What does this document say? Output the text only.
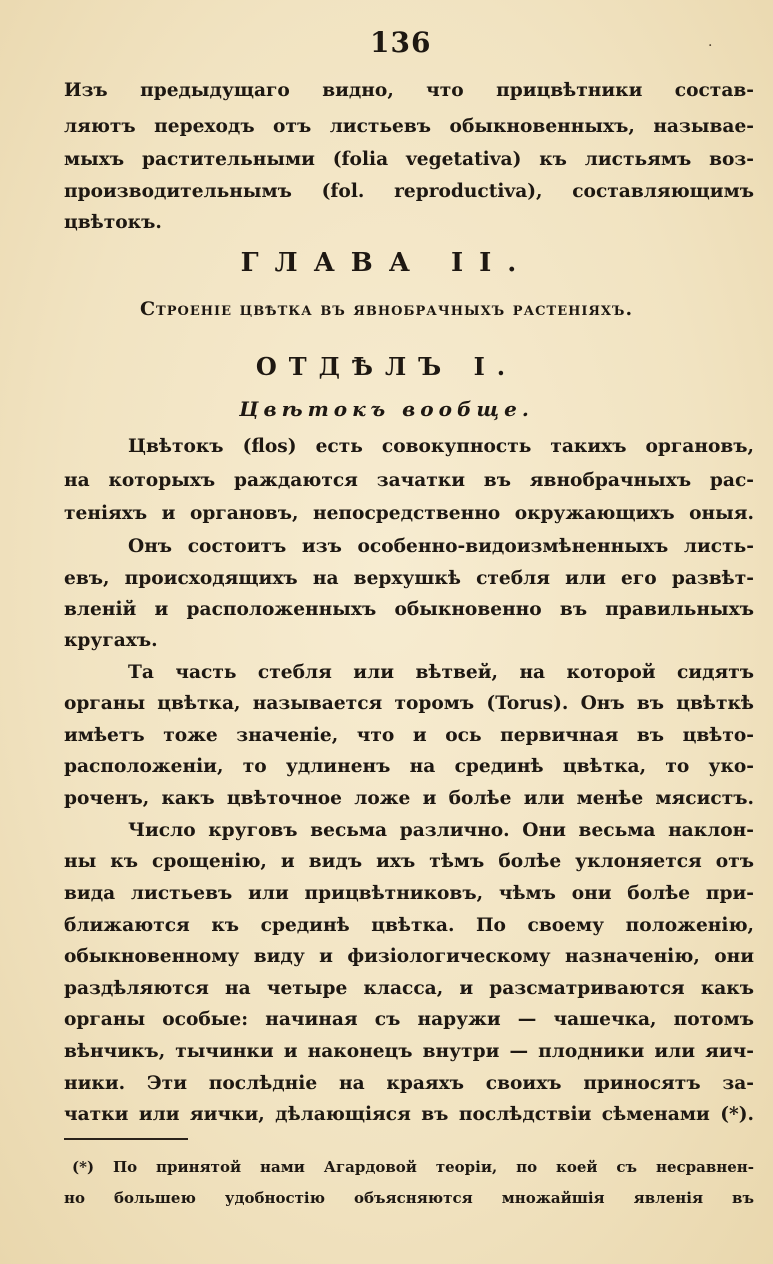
136	·
Изъ предыдущаго видно, что прицвѣтники состав-
ляютъ переходъ отъ листьевъ обыкновенныхъ, называе-
мыхъ растительными (folia vegetativa) къ листьямъ воз-
производительнымъ (fol. reproductiva), составляющимъ
цвѣтокъ.
ГЛАВА II.
Строеніе цвѣтка въ явнобрачныхъ растеніяхъ.
ОТДѢЛЪ I.
Цвѣтокъ вообще.
Цвѣтокъ (flos) есть совокупность такихъ органовъ,
на которыхъ раждаются зачатки въ явнобрачныхъ рас-
теніяхъ и органовъ, непосредственно окружающихъ оныя.
Онъ состоитъ изъ особенно-видоизмѣненныхъ листь-
евъ, происходящихъ на верхушкѣ стебля или его развѣт-
вленій и расположенныхъ обыкновенно въ правильныхъ
кругахъ.
Та часть стебля или вѣтвей, на которой сидятъ
органы цвѣтка, называется торомъ (Torus). Онъ въ цвѣткѣ
имѣетъ тоже значеніе, что и ось первичная въ цвѣто-
расположеніи, то удлиненъ на срединѣ цвѣтка, то уко-
роченъ, какъ цвѣточное ложе и болѣе или менѣе мясистъ.
Число круговъ весьма различно. Они весьма наклон-
ны къ срощенію, и видъ ихъ тѣмъ болѣе уклоняется отъ
вида листьевъ или прицвѣтниковъ, чѣмъ они болѣе при-
ближаются къ срединѣ цвѣтка. По своему положенію,
обыкновенному виду и физіологическому назначенію, они
раздѣляются на четыре класса, и разсматриваются какъ
органы особые: начиная съ наружи — чашечка, потомъ
вѣнчикъ, тычинки и наконецъ внутри — плодники или яич-
ники. Эти послѣдніе на краяхъ своихъ приносятъ за-
чатки или яички, дѣлающіяся въ послѣдствіи сѣменами (*).
(*) По принятой нами Агардовой теоріи, по коей съ несравнен-
но большею удобностію объясняются множайшія явленія въ
